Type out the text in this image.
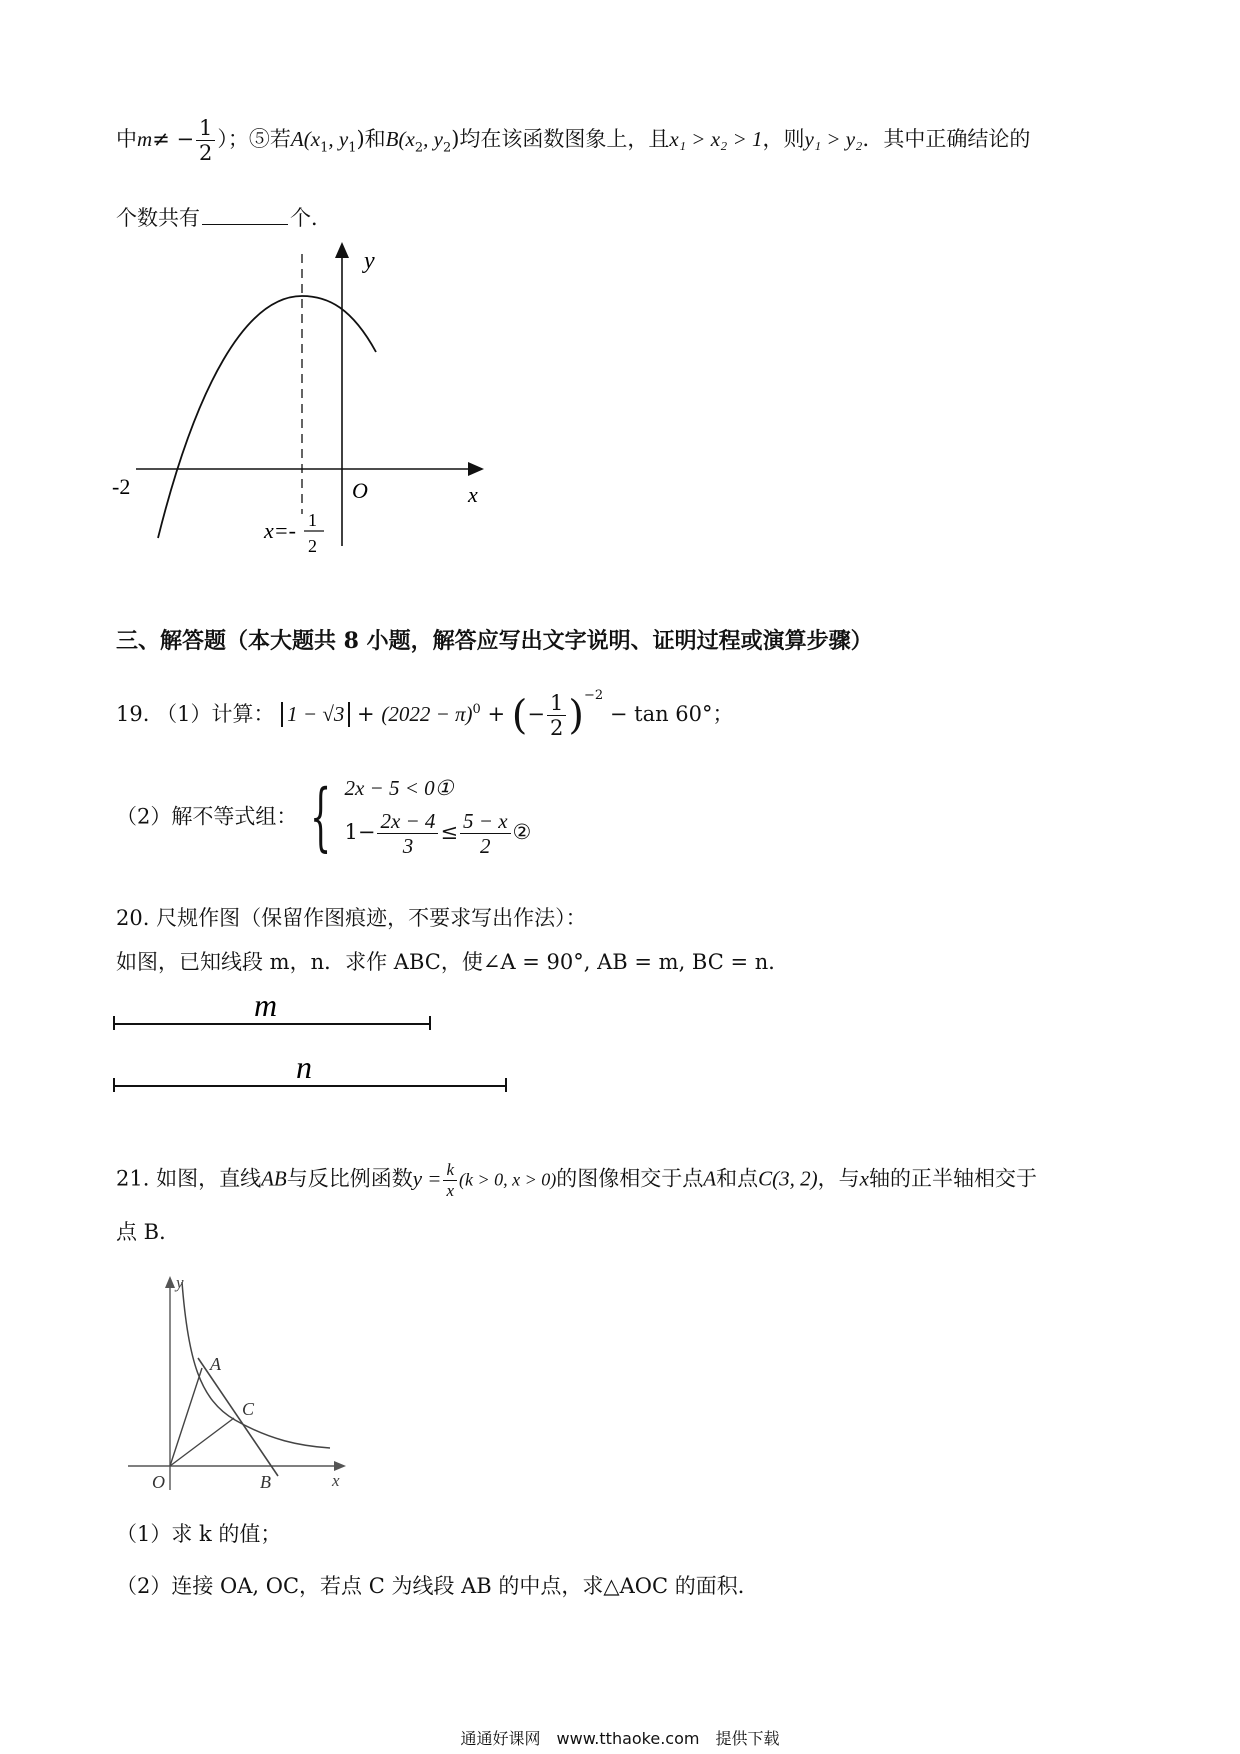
中$m\ne - \frac{1}{2}$ ）；⑤若$A(x_1$, $y_1$)和$B(x_2$, $y_2$)均在该函数图象上，且x₁ > x₂ > 1，则y₁ > y₂．其中正确结论的
个数共有	个．
y
x
O
-2
x=- 1
2
三、解答题（本大题共 8 小题，解答应写出文字说明、证明过程或演算步骤）
19. （1）计算： $1 - √3 + (2022 - \pi)^0$ + (− $\frac{1}{2} )^{-2} - \tan 60^\circ$；
（2）解不等式组： { 2x − 5 < 0①
$1- \frac{2x - 4}{3} \le \frac{5 - x}{2}$ ②
20. 尺规作图（保留作图痕迹，不要求写出作法）：
如图，已知线段 m，n．求作 ABC，使∠A = 90°, AB = m, BC = n．
m
n
21. 如图，直线AB与反比例函数$y = \frac{k}{x} (k > 0$, x > 0)的图像相交于点A和点C(3, 2)，与x轴的正半轴相交于
点 B．
y
x
O
A
C
B
（1）求 k 的值；
（2）连接 OA, OC，若点 C 为线段 AB 的中点，求△AOC 的面积．
通通好课网　www.tthaoke.com　提供下载
